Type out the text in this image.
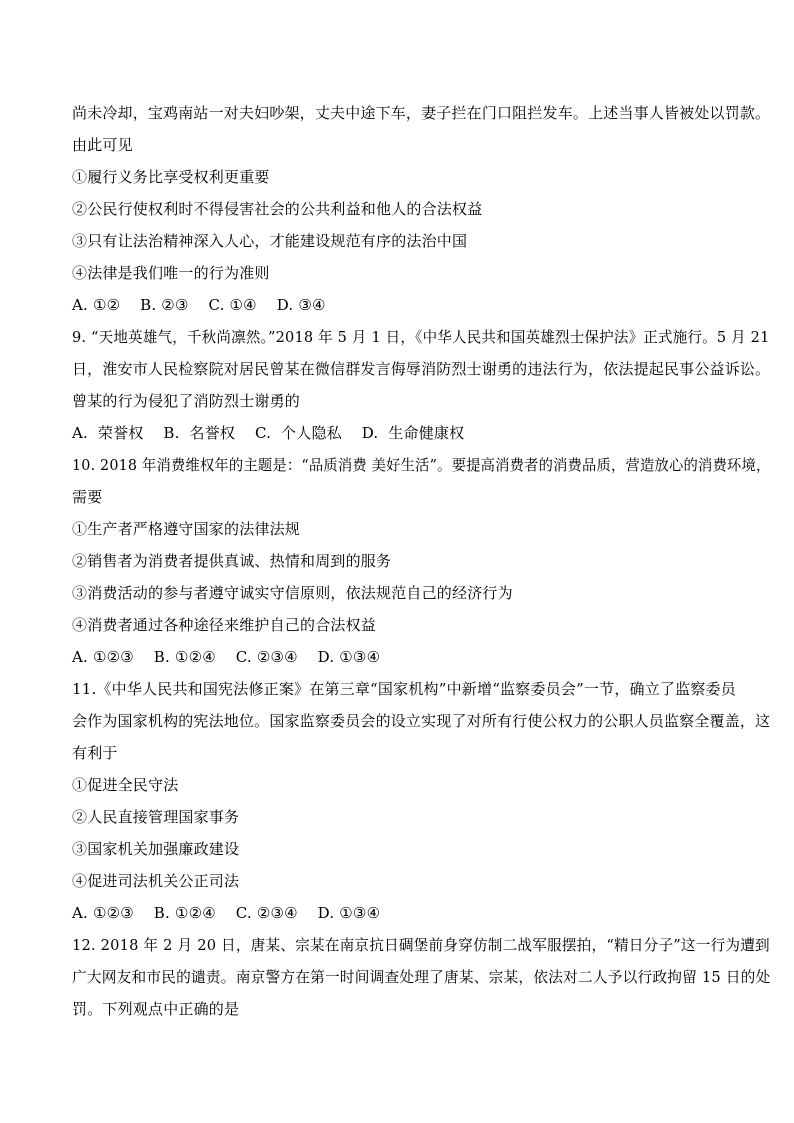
尚未冷却，宝鸡南站一对夫妇吵架，丈夫中途下车，妻子拦在门口阻拦发车。上述当事人皆被处以罚款。
由此可见
①履行义务比享受权利更重要
②公民行使权利时不得侵害社会的公共利益和他人的合法权益
③只有让法治精神深入人心，才能建设规范有序的法治中国
④法律是我们唯一的行为准则
A. ①②    B. ②③    C. ①④    D. ③④
9. “天地英雄气，千秋尚凛然。”2018 年 5 月 1 日，《中华人民共和国英雄烈士保护法》正式施行。5 月 21
日，淮安市人民检察院对居民曾某在微信群发言侮辱消防烈士谢勇的违法行为，依法提起民事公益诉讼。
曾某的行为侵犯了消防烈士谢勇的
A.  荣誉权    B.  名誉权    C.  个人隐私    D.  生命健康权
10. 2018 年消费维权年的主题是：“品质消费 美好生活”。要提高消费者的消费品质，营造放心的消费环境，
需要
①生产者严格遵守国家的法律法规
②销售者为消费者提供真诚、热情和周到的服务
③消费活动的参与者遵守诚实守信原则，依法规范自己的经济行为
④消费者通过各种途径来维护自己的合法权益
A. ①②③    B. ①②④    C. ②③④    D. ①③④
11.《中华人民共和国宪法修正案》在第三章“国家机构”中新增“监察委员会”一节，确立了监察委员
会作为国家机构的宪法地位。国家监察委员会的设立实现了对所有行使公权力的公职人员监察全覆盖，这
有利于
①促进全民守法
②人民直接管理国家事务
③国家机关加强廉政建设
④促进司法机关公正司法
A. ①②③    B. ①②④    C. ②③④    D. ①③④
12. 2018 年 2 月 20 日，唐某、宗某在南京抗日碉堡前身穿仿制二战军服摆拍，“精日分子”这一行为遭到
广大网友和市民的谴责。南京警方在第一时间调查处理了唐某、宗某，依法对二人予以行政拘留 15 日的处
罚。下列观点中正确的是
